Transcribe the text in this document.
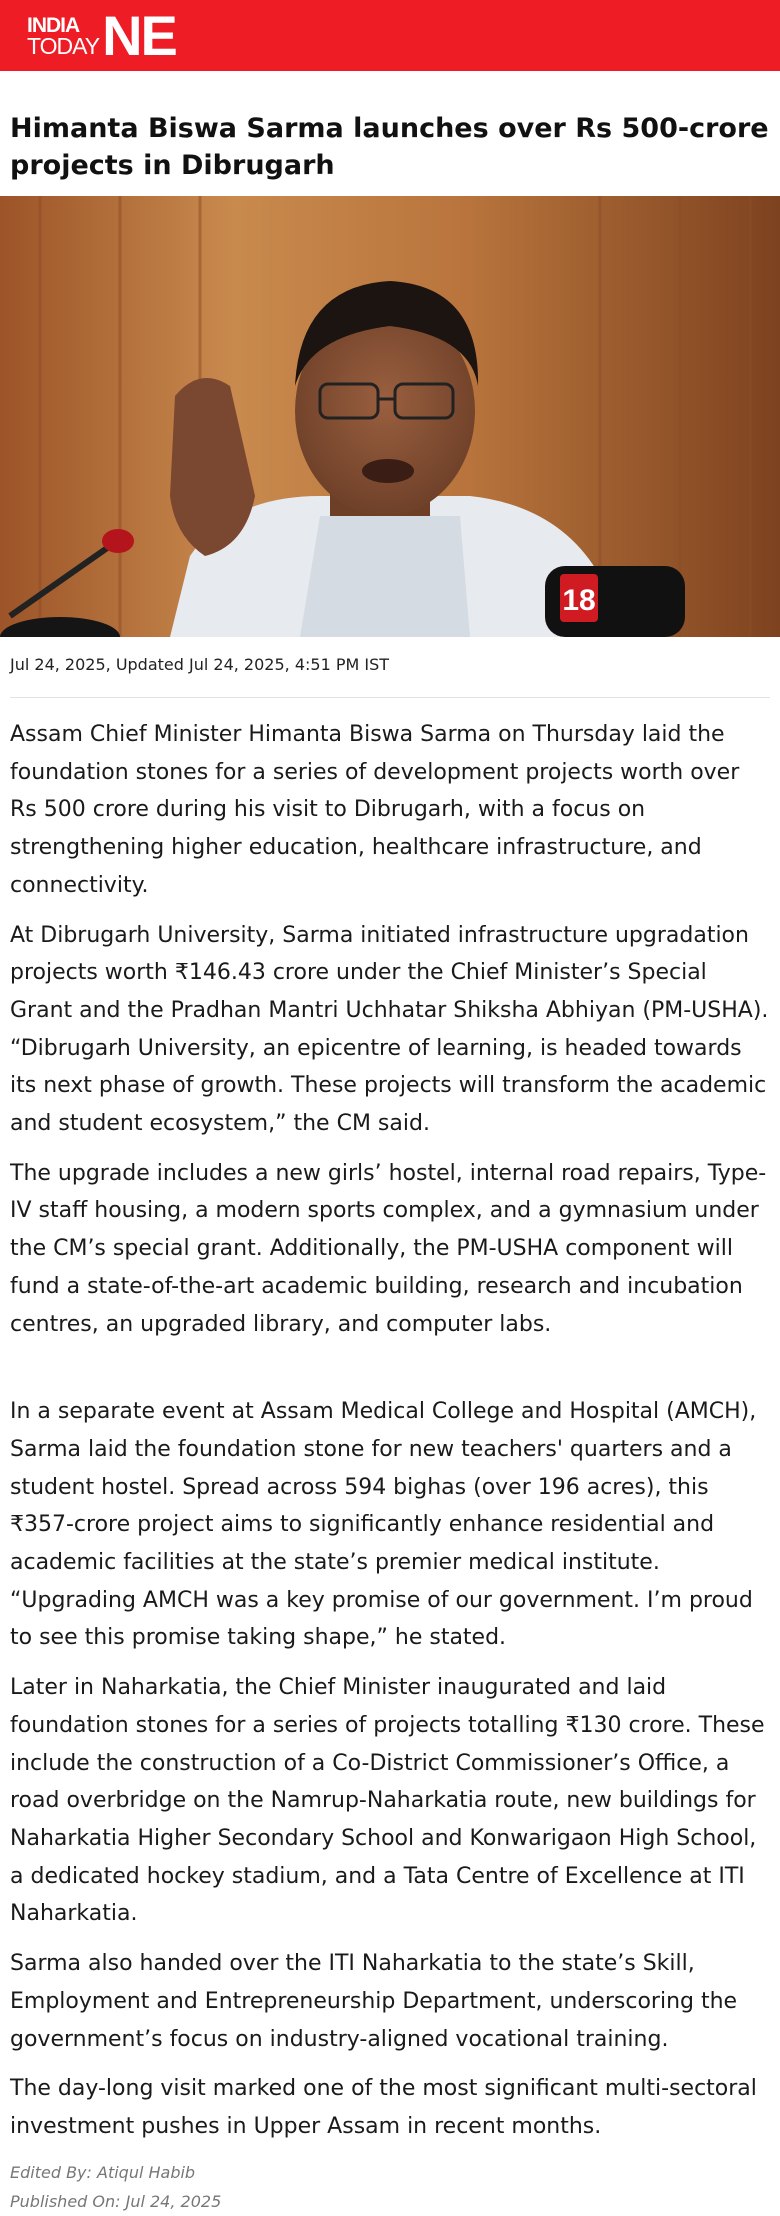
INDIA
TODAY NE
Himanta Biswa Sarma launches over Rs 500-crore projects in Dibrugarh
18
Jul 24, 2025, Updated Jul 24, 2025, 4:51 PM IST

Assam Chief Minister Himanta Biswa Sarma on Thursday laid the foundation stones for a series of development projects worth over Rs 500 crore during his visit to Dibrugarh, with a focus on strengthening higher education, healthcare infrastructure, and connectivity.

At Dibrugarh University, Sarma initiated infrastructure upgradation projects worth ₹146.43 crore under the Chief Minister’s Special Grant and the Pradhan Mantri Uchhatar Shiksha Abhiyan (PM-USHA). “Dibrugarh University, an epicentre of learning, is headed towards its next phase of growth. These projects will transform the academic and student ecosystem,” the CM said.

The upgrade includes a new girls’ hostel, internal road repairs, Type-IV staff housing, a modern sports complex, and a gymnasium under the CM’s special grant. Additionally, the PM-USHA component will fund a state-of-the-art academic building, research and incubation centres, an upgraded library, and computer labs.

In a separate event at Assam Medical College and Hospital (AMCH), Sarma laid the foundation stone for new teachers' quarters and a student hostel. Spread across 594 bighas (over 196 acres), this ₹357-crore project aims to significantly enhance residential and academic facilities at the state’s premier medical institute. “Upgrading AMCH was a key promise of our government. I’m proud to see this promise taking shape,” he stated.

Later in Naharkatia, the Chief Minister inaugurated and laid foundation stones for a series of projects totalling ₹130 crore. These include the construction of a Co-District Commissioner’s Office, a road overbridge on the Namrup-Naharkatia route, new buildings for Naharkatia Higher Secondary School and Konwarigaon High School, a dedicated hockey stadium, and a Tata Centre of Excellence at ITI Naharkatia.

Sarma also handed over the ITI Naharkatia to the state’s Skill, Employment and Entrepreneurship Department, underscoring the government’s focus on industry-aligned vocational training.

The day-long visit marked one of the most significant multi-sectoral investment pushes in Upper Assam in recent months.

Edited By: Atiqul Habib
Published On: Jul 24, 2025
